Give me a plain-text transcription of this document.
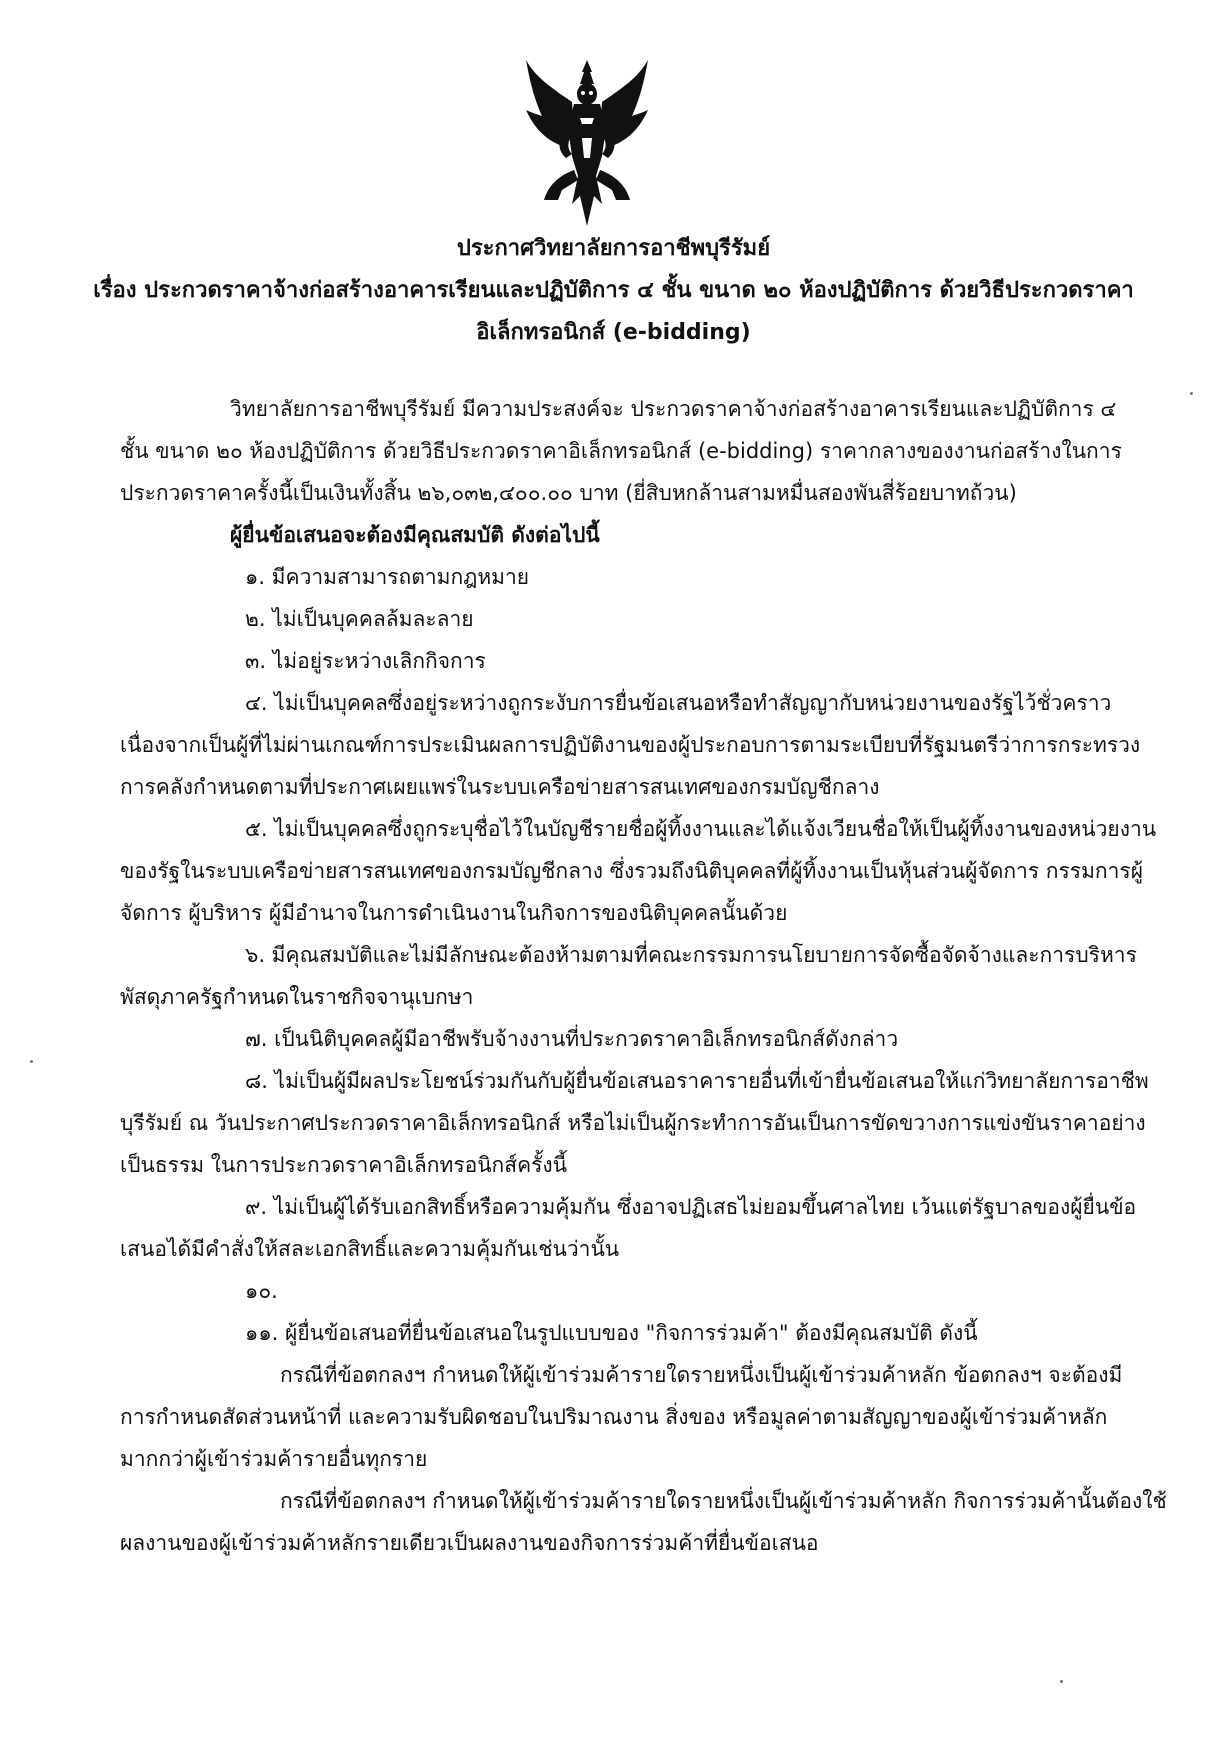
ประกาศวิทยาลัยการอาชีพบุรีรัมย์
เรื่อง ประกวดราคาจ้างก่อสร้างอาคารเรียนและปฏิบัติการ ๔ ชั้น ขนาด ๒๐ ห้องปฏิบัติการ ด้วยวิธีประกวดราคา
อิเล็กทรอนิกส์ (e-bidding)
วิทยาลัยการอาชีพบุรีรัมย์ มีความประสงค์จะ ประกวดราคาจ้างก่อสร้างอาคารเรียนและปฏิบัติการ ๔
ชั้น ขนาด ๒๐ ห้องปฏิบัติการ ด้วยวิธีประกวดราคาอิเล็กทรอนิกส์ (e-bidding) ราคากลางของงานก่อสร้างในการ
ประกวดราคาครั้งนี้เป็นเงินทั้งสิ้น ๒๖,๐๓๒,๔๐๐.๐๐ บาท (ยี่สิบหกล้านสามหมื่นสองพันสี่ร้อยบาทถ้วน)
ผู้ยื่นข้อเสนอจะต้องมีคุณสมบัติ ดังต่อไปนี้
๑. มีความสามารถตามกฎหมาย
๒. ไม่เป็นบุคคลล้มละลาย
๓. ไม่อยู่ระหว่างเลิกกิจการ
๔. ไม่เป็นบุคคลซึ่งอยู่ระหว่างถูกระงับการยื่นข้อเสนอหรือทำสัญญากับหน่วยงานของรัฐไว้ชั่วคราว
เนื่องจากเป็นผู้ที่ไม่ผ่านเกณฑ์การประเมินผลการปฏิบัติงานของผู้ประกอบการตามระเบียบที่รัฐมนตรีว่าการกระทรวง
การคลังกำหนดตามที่ประกาศเผยแพร่ในระบบเครือข่ายสารสนเทศของกรมบัญชีกลาง
๕. ไม่เป็นบุคคลซึ่งถูกระบุชื่อไว้ในบัญชีรายชื่อผู้ทิ้งงานและได้แจ้งเวียนชื่อให้เป็นผู้ทิ้งงานของหน่วยงาน
ของรัฐในระบบเครือข่ายสารสนเทศของกรมบัญชีกลาง ซึ่งรวมถึงนิติบุคคลที่ผู้ทิ้งงานเป็นหุ้นส่วนผู้จัดการ กรรมการผู้
จัดการ ผู้บริหาร ผู้มีอำนาจในการดำเนินงานในกิจการของนิติบุคคลนั้นด้วย
๖. มีคุณสมบัติและไม่มีลักษณะต้องห้ามตามที่คณะกรรมการนโยบายการจัดซื้อจัดจ้างและการบริหาร
พัสดุภาครัฐกำหนดในราชกิจจานุเบกษา
๗. เป็นนิติบุคคลผู้มีอาชีพรับจ้างงานที่ประกวดราคาอิเล็กทรอนิกส์ดังกล่าว
๘. ไม่เป็นผู้มีผลประโยชน์ร่วมกันกับผู้ยื่นข้อเสนอราคารายอื่นที่เข้ายื่นข้อเสนอให้แก่วิทยาลัยการอาชีพ
บุรีรัมย์ ณ วันประกาศประกวดราคาอิเล็กทรอนิกส์ หรือไม่เป็นผู้กระทำการอันเป็นการขัดขวางการแข่งขันราคาอย่าง
เป็นธรรม ในการประกวดราคาอิเล็กทรอนิกส์ครั้งนี้
๙. ไม่เป็นผู้ได้รับเอกสิทธิ์หรือความคุ้มกัน ซึ่งอาจปฏิเสธไม่ยอมขึ้นศาลไทย เว้นแต่รัฐบาลของผู้ยื่นข้อ
เสนอได้มีคำสั่งให้สละเอกสิทธิ์และความคุ้มกันเช่นว่านั้น
๑๐.
๑๑. ผู้ยื่นข้อเสนอที่ยื่นข้อเสนอในรูปแบบของ "กิจการร่วมค้า" ต้องมีคุณสมบัติ ดังนี้
กรณีที่ข้อตกลงฯ กำหนดให้ผู้เข้าร่วมค้ารายใดรายหนึ่งเป็นผู้เข้าร่วมค้าหลัก ข้อตกลงฯ จะต้องมี
การกำหนดสัดส่วนหน้าที่ และความรับผิดชอบในปริมาณงาน สิ่งของ หรือมูลค่าตามสัญญาของผู้เข้าร่วมค้าหลัก
มากกว่าผู้เข้าร่วมค้ารายอื่นทุกราย
กรณีที่ข้อตกลงฯ กำหนดให้ผู้เข้าร่วมค้ารายใดรายหนึ่งเป็นผู้เข้าร่วมค้าหลัก กิจการร่วมค้านั้นต้องใช้
ผลงานของผู้เข้าร่วมค้าหลักรายเดียวเป็นผลงานของกิจการร่วมค้าที่ยื่นข้อเสนอ
